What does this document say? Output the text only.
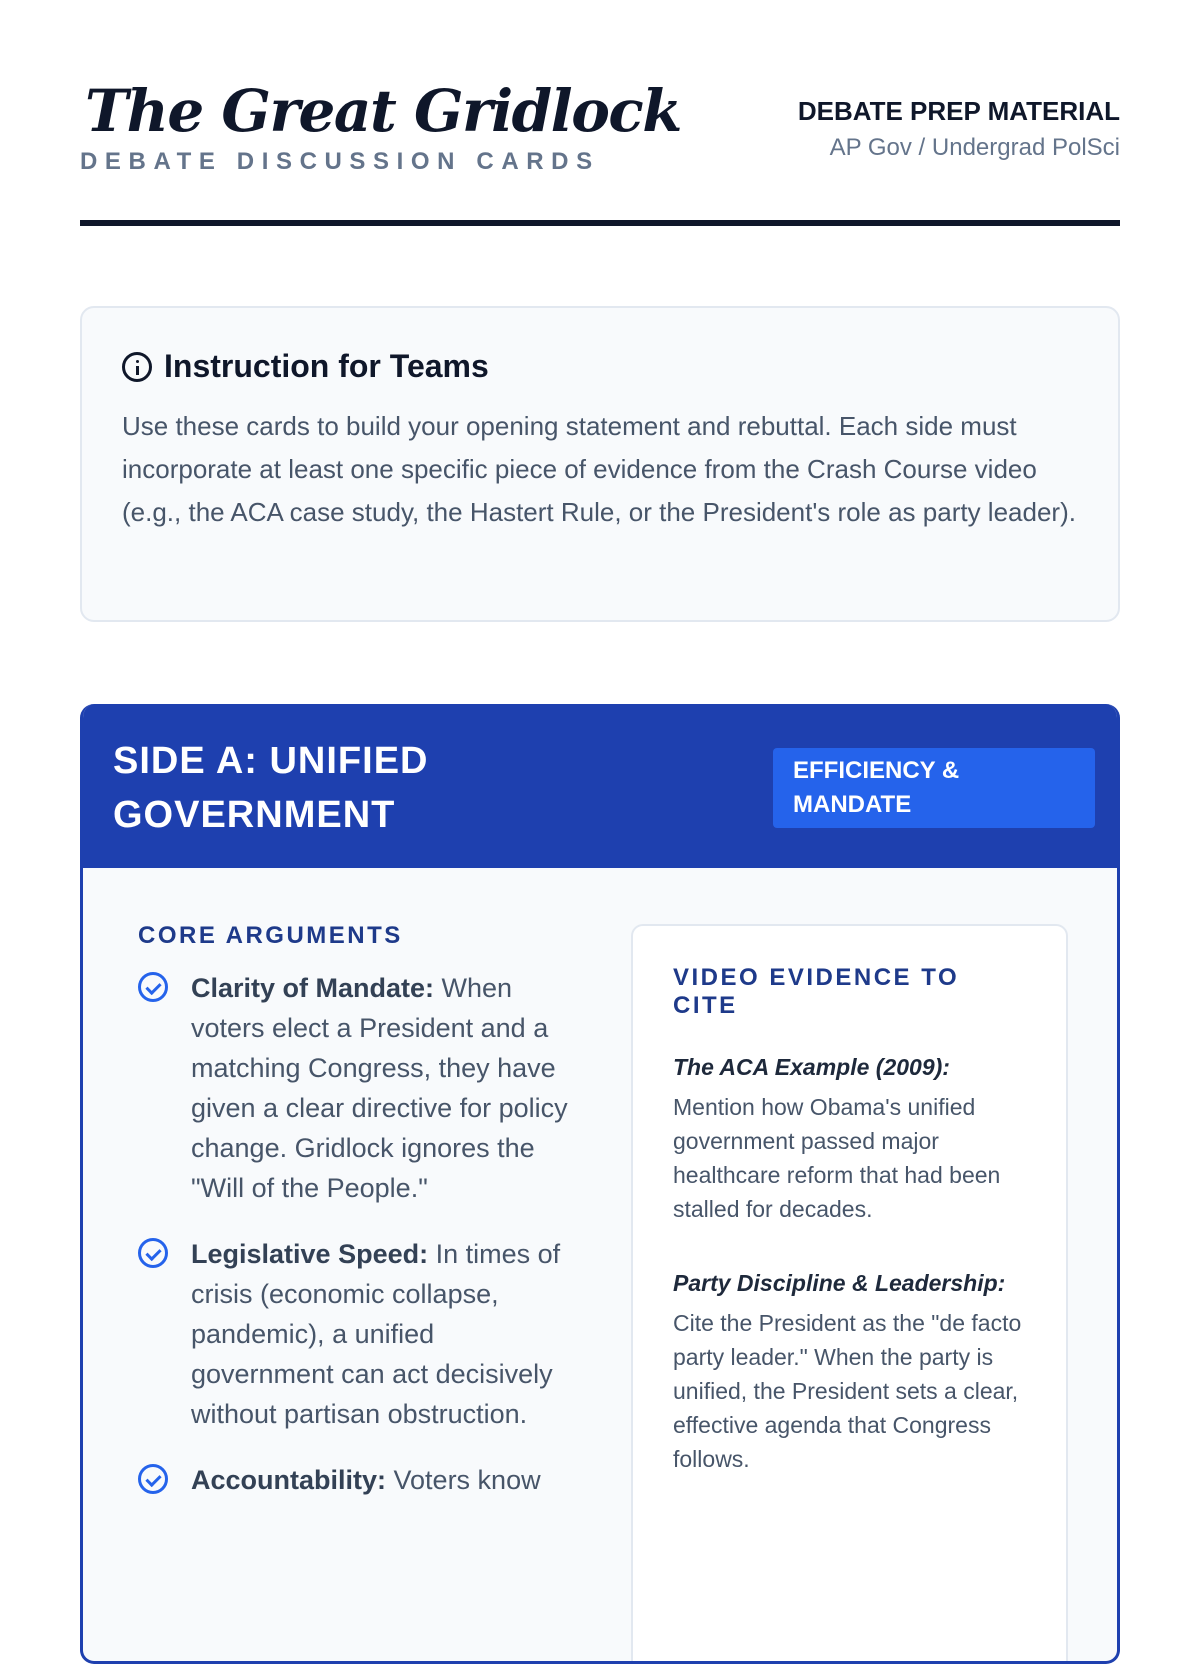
The Great Gridlock
DEBATE DISCUSSION CARDS
DEBATE PREP MATERIAL
AP Gov / Undergrad PolSci
Instruction for Teams
Use these cards to build your opening statement and rebuttal. Each side must incorporate at least one specific piece of evidence from the Crash Course video (e.g., the ACA case study, the Hastert Rule, or the President's role as party leader).
SIDE A: UNIFIED GOVERNMENT
EFFICIENCY & MANDATE
CORE ARGUMENTS
Clarity of Mandate: When voters elect a President and a matching Congress, they have given a clear directive for policy change. Gridlock ignores the "Will of the People."
Legislative Speed: In times of crisis (economic collapse, pandemic), a unified government can act decisively without partisan obstruction.
Accountability: Voters know
VIDEO EVIDENCE TO CITE
The ACA Example (2009):
Mention how Obama's unified government passed major healthcare reform that had been stalled for decades.
Party Discipline & Leadership:
Cite the President as the "de facto party leader." When the party is unified, the President sets a clear, effective agenda that Congress follows.
